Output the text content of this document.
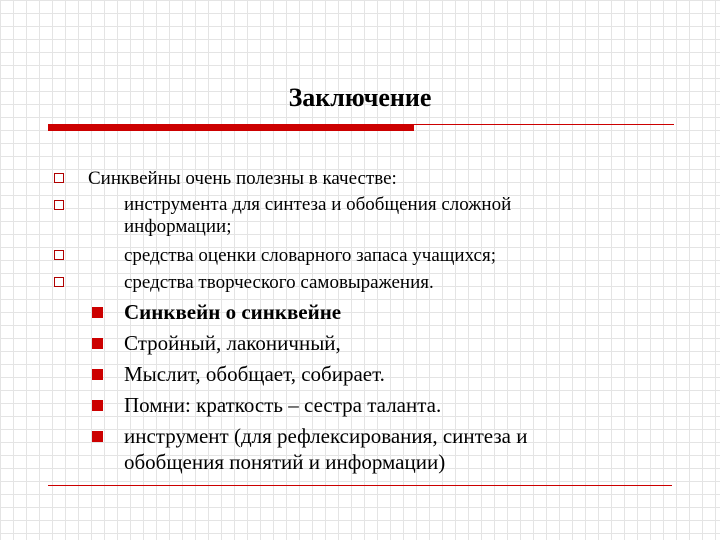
Заключение
Синквейны очень полезны в качестве:
инструмента для синтеза и обобщения сложной информации;
средства оценки словарного запаса учащихся;
средства творческого самовыражения.
Синквейн о синквейне
Стройный, лаконичный,
Мыслит, обобщает, собирает.
Помни: краткость – сестра таланта.
инструмент (для рефлексирования, синтеза и обобщения понятий и информации)
